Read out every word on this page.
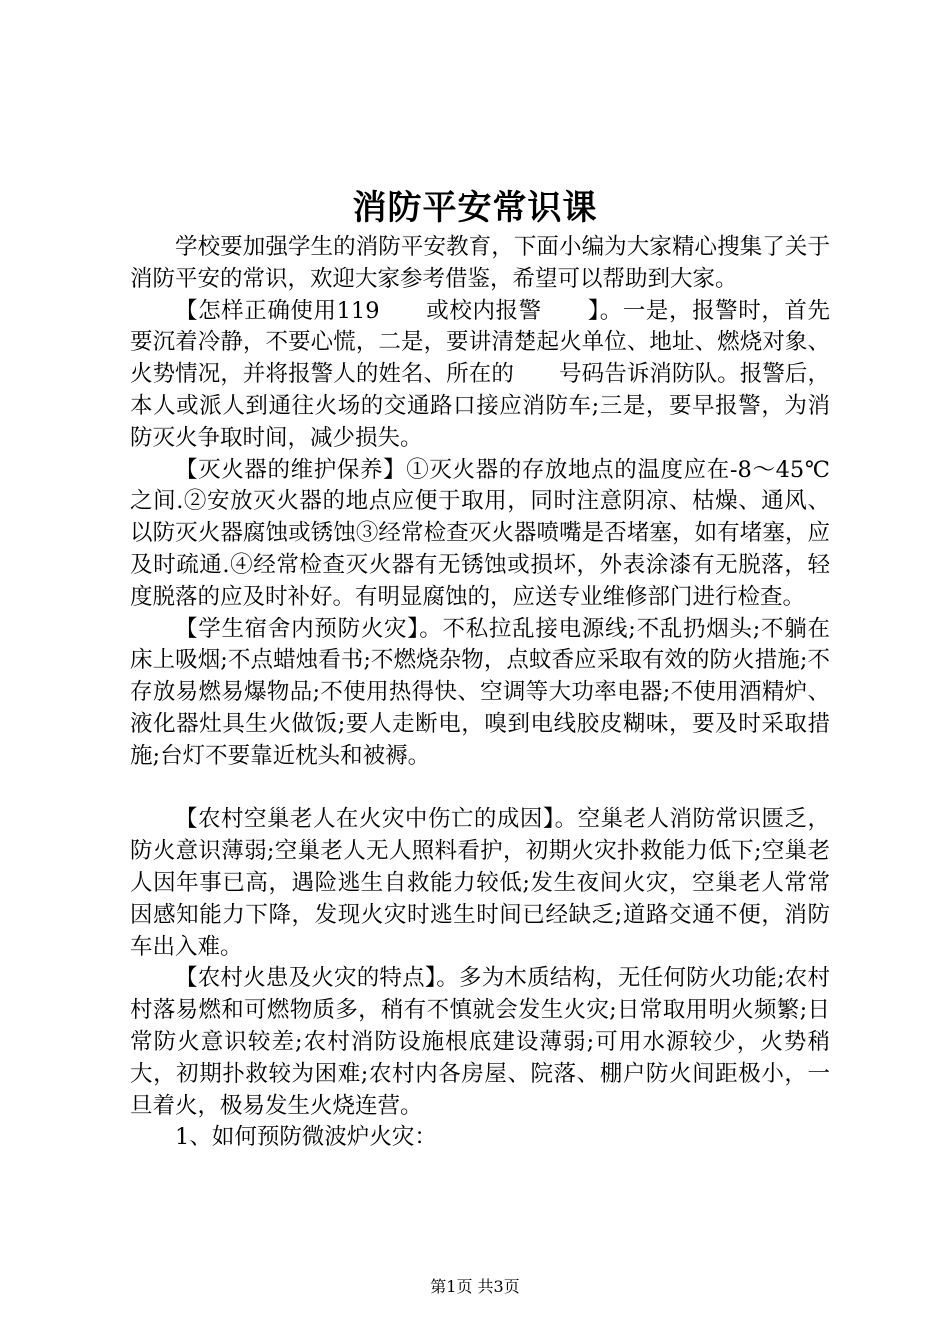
消防平安常识课

学校要加强学生的消防平安教育，下面小编为大家精心搜集了关于消防平安的常识，欢迎大家参考借鉴，希望可以帮助到大家。

【怎样正确使用119　　或校内报警　　】。一是，报警时，首先要沉着冷静，不要心慌，二是，要讲清楚起火单位、地址、燃烧对象、火势情况，并将报警人的姓名、所在的　　号码告诉消防队。报警后，本人或派人到通往火场的交通路口接应消防车;三是，要早报警，为消防灭火争取时间，减少损失。

【灭火器的维护保养】①灭火器的存放地点的温度应在-8～45℃之间.②安放灭火器的地点应便于取用，同时注意阴凉、枯燥、通风、以防灭火器腐蚀或锈蚀③经常检查灭火器喷嘴是否堵塞，如有堵塞，应及时疏通.④经常检查灭火器有无锈蚀或损坏，外表涂漆有无脱落，轻度脱落的应及时补好。有明显腐蚀的，应送专业维修部门进行检查。

【学生宿舍内预防火灾】。不私拉乱接电源线;不乱扔烟头;不躺在床上吸烟;不点蜡烛看书;不燃烧杂物，点蚊香应采取有效的防火措施;不存放易燃易爆物品;不使用热得快、空调等大功率电器;不使用酒精炉、液化器灶具生火做饭;要人走断电，嗅到电线胶皮糊味，要及时采取措施;台灯不要靠近枕头和被褥。

【农村空巢老人在火灾中伤亡的成因】。空巢老人消防常识匮乏，防火意识薄弱;空巢老人无人照料看护，初期火灾扑救能力低下;空巢老人因年事已高，遇险逃生自救能力较低;发生夜间火灾，空巢老人常常因感知能力下降，发现火灾时逃生时间已经缺乏;道路交通不便，消防车出入难。

【农村火患及火灾的特点】。多为木质结构，无任何防火功能;农村村落易燃和可燃物质多，稍有不慎就会发生火灾;日常取用明火频繁;日常防火意识较差;农村消防设施根底建设薄弱;可用水源较少，火势稍大，初期扑救较为困难;农村内各房屋、院落、棚户防火间距极小，一旦着火，极易发生火烧连营。

1、如何预防微波炉火灾：

第1页 共3页
